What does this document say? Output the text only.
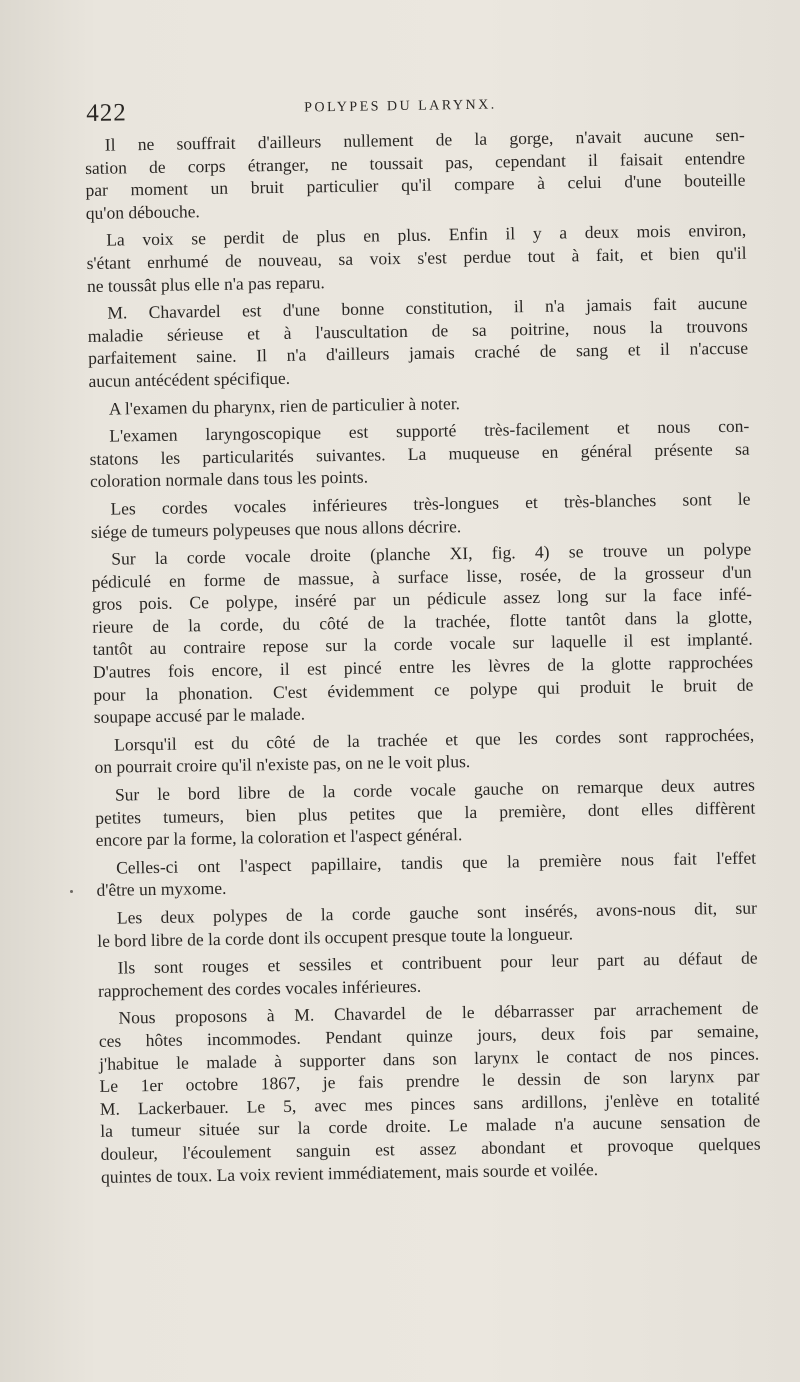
422	POLYPES DU LARYNX.
Il ne souffrait d'ailleurs nullement de la gorge, n'avait aucune sen-
sation de corps étranger, ne toussait pas, cependant il faisait entendre
par moment un bruit particulier qu'il compare à celui d'une bouteille
qu'on débouche.
La voix se perdit de plus en plus. Enfin il y a deux mois environ,
s'étant enrhumé de nouveau, sa voix s'est perdue tout à fait, et bien qu'il
ne toussât plus elle n'a pas reparu.
M. Chavardel est d'une bonne constitution, il n'a jamais fait aucune
maladie sérieuse et à l'auscultation de sa poitrine, nous la trouvons
parfaitement saine. Il n'a d'ailleurs jamais craché de sang et il n'accuse
aucun antécédent spécifique.
A l'examen du pharynx, rien de particulier à noter.
L'examen laryngoscopique est supporté très-facilement et nous con-
statons les particularités suivantes. La muqueuse en général présente sa
coloration normale dans tous les points.
Les cordes vocales inférieures très-longues et très-blanches sont le
siége de tumeurs polypeuses que nous allons décrire.
Sur la corde vocale droite (planche XI, fig. 4) se trouve un polype
pédiculé en forme de massue, à surface lisse, rosée, de la grosseur d'un
gros pois. Ce polype, inséré par un pédicule assez long sur la face infé-
rieure de la corde, du côté de la trachée, flotte tantôt dans la glotte,
tantôt au contraire repose sur la corde vocale sur laquelle il est implanté.
D'autres fois encore, il est pincé entre les lèvres de la glotte rapprochées
pour la phonation. C'est évidemment ce polype qui produit le bruit de
soupape accusé par le malade.
Lorsqu'il est du côté de la trachée et que les cordes sont rapprochées,
on pourrait croire qu'il n'existe pas, on ne le voit plus.
Sur le bord libre de la corde vocale gauche on remarque deux autres
petites tumeurs, bien plus petites que la première, dont elles diffèrent
encore par la forme, la coloration et l'aspect général.
Celles-ci ont l'aspect papillaire, tandis que la première nous fait l'effet
d'être un myxome.
Les deux polypes de la corde gauche sont insérés, avons-nous dit, sur
le bord libre de la corde dont ils occupent presque toute la longueur.
Ils sont rouges et sessiles et contribuent pour leur part au défaut de
rapprochement des cordes vocales inférieures.
Nous proposons à M. Chavardel de le débarrasser par arrachement de
ces hôtes incommodes. Pendant quinze jours, deux fois par semaine,
j'habitue le malade à supporter dans son larynx le contact de nos pinces.
Le 1er octobre 1867, je fais prendre le dessin de son larynx par
M. Lackerbauer. Le 5, avec mes pinces sans ardillons, j'enlève en totalité
la tumeur située sur la corde droite. Le malade n'a aucune sensation de
douleur, l'écoulement sanguin est assez abondant et provoque quelques
quintes de toux. La voix revient immédiatement, mais sourde et voilée.
